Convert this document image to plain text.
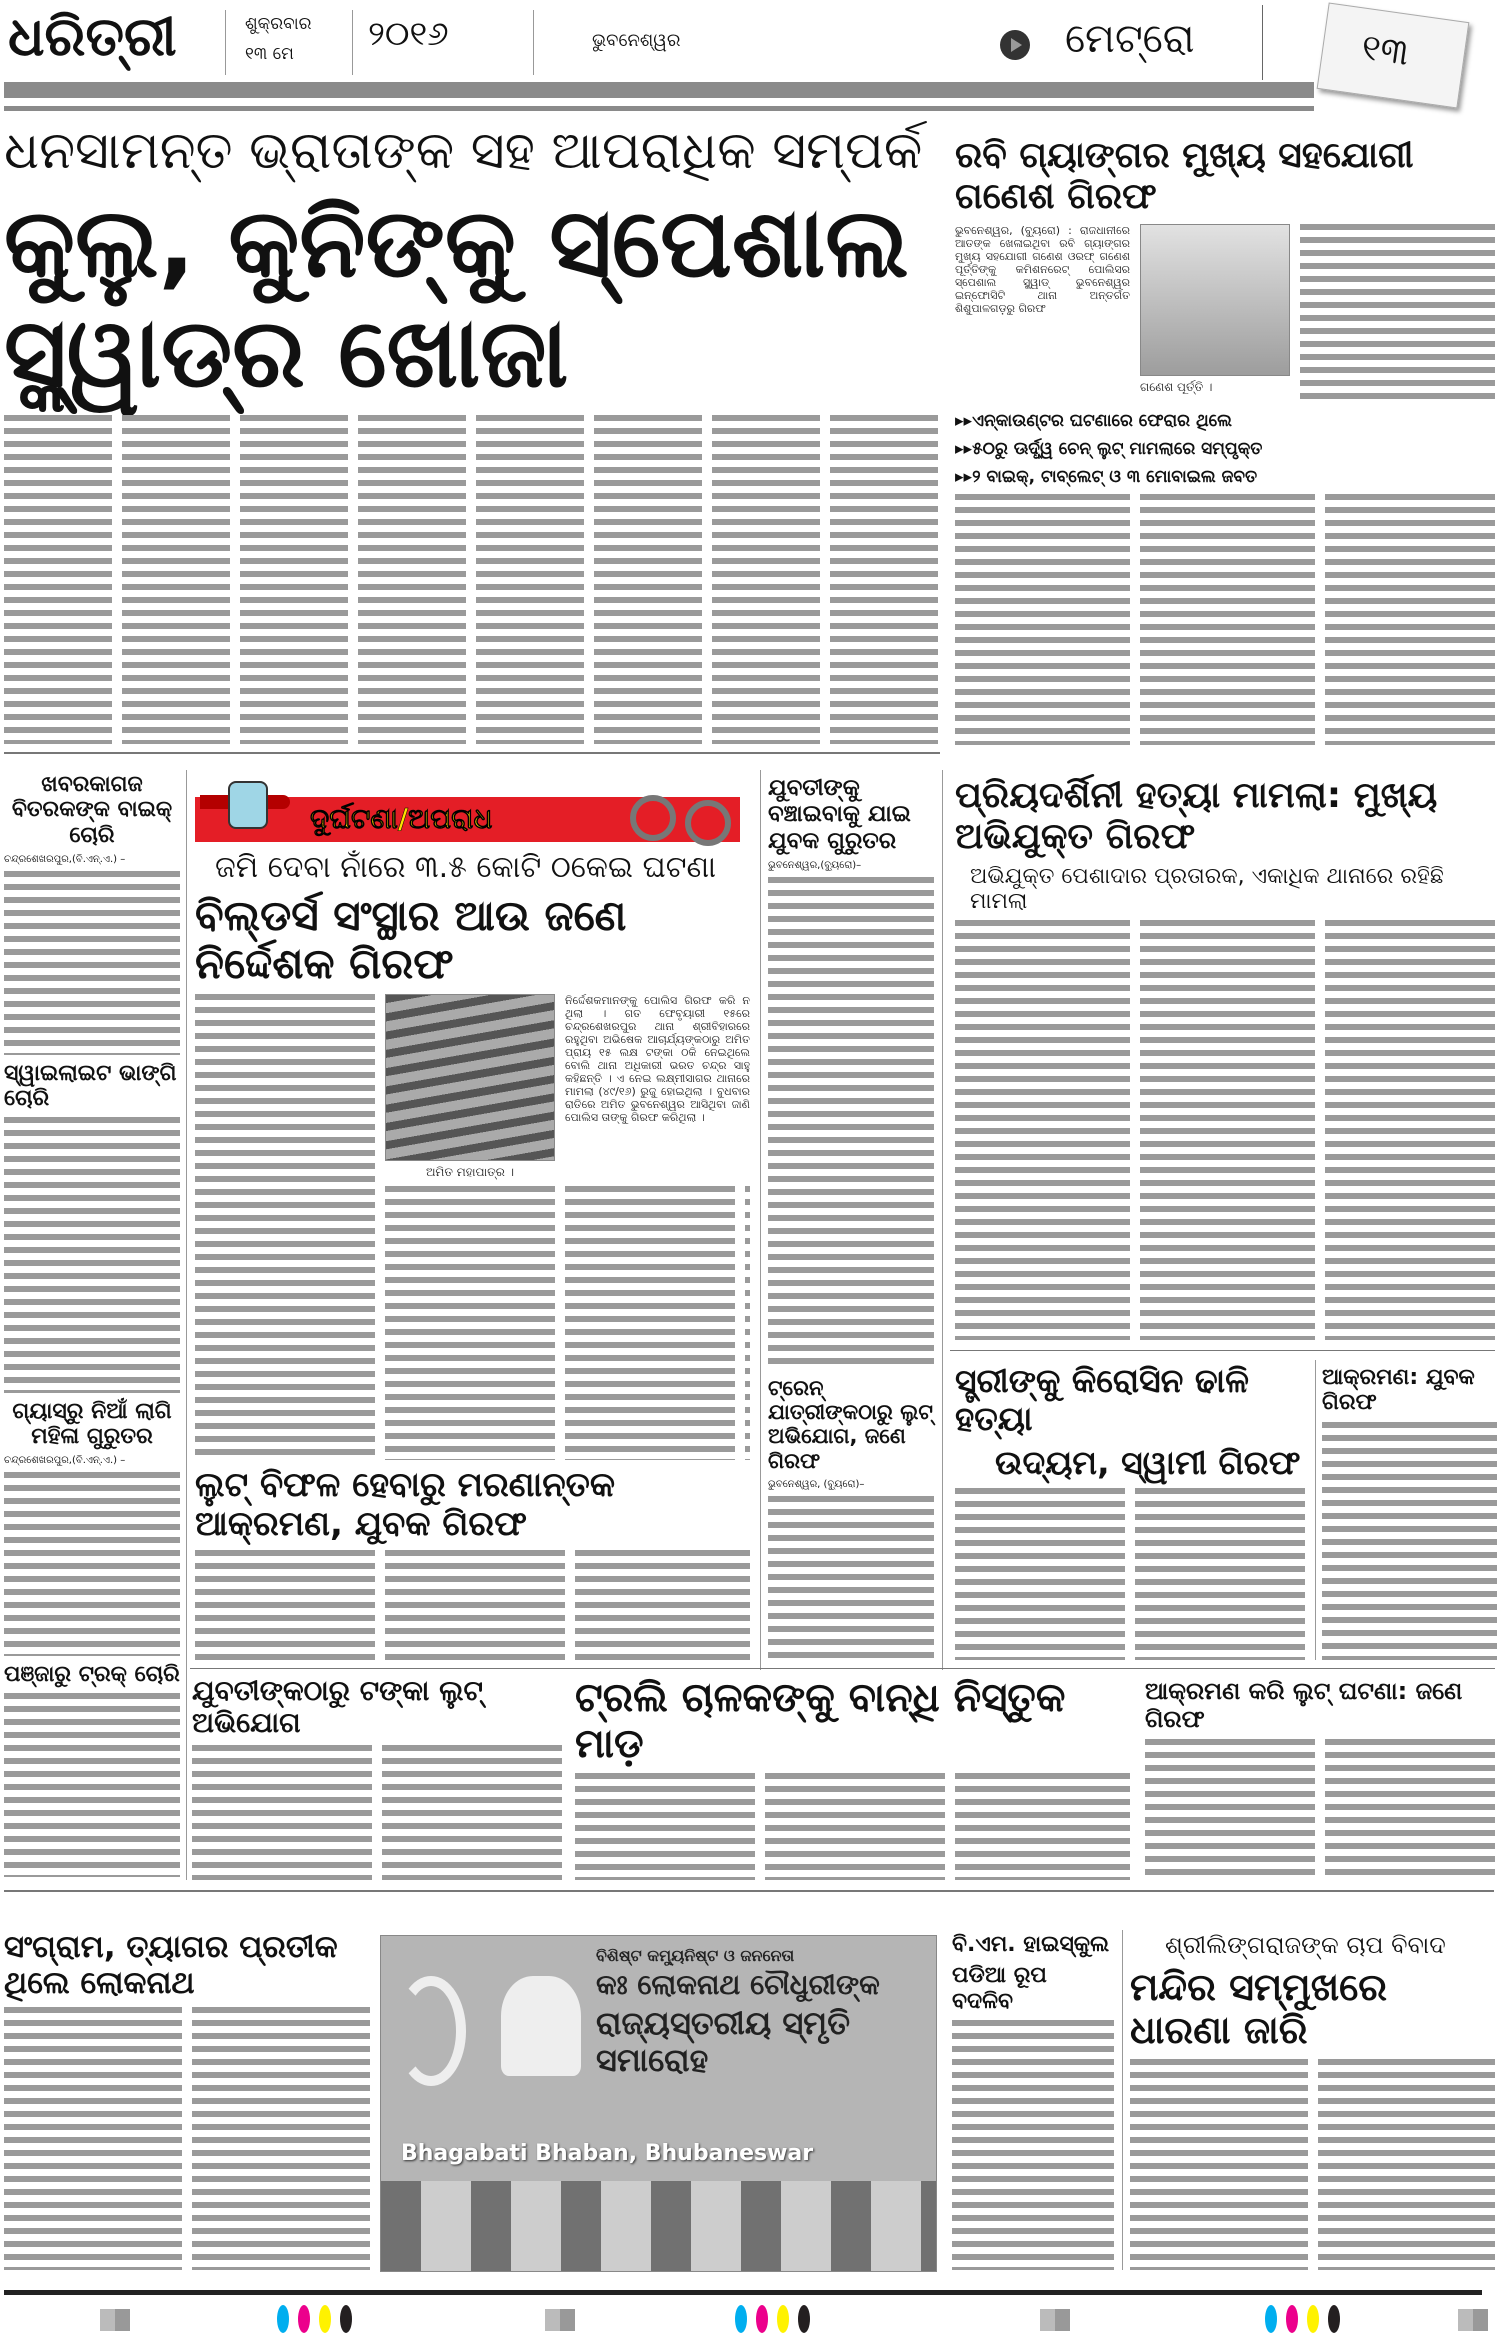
ଧରିତ୍ରୀ	ଶୁକ୍ରବାର
୧୩ ମେ ୨୦୧୬	ଭୁବନେଶ୍ୱର	ମେଟ୍ରୋ	୧୩
ଧନସାମନ୍ତ ଭ୍ରାତାଙ୍କ ସହ ଆପରାଧିକ ସମ୍ପର୍କ
କୁଲୁ, କୁନିଙ୍କୁ ସ୍ପେଶାଲ ସ୍କ୍ୱାଡ୍‌ର ଖୋଜା
ରବି ଗ୍ୟାଙ୍ଗର ମୁଖ୍ୟ ସହଯୋଗୀ ଗଣେଶ ଗିରଫ
ଭୁବନେଶ୍ୱର, (ବ୍ୟୁରୋ) : ରାଜଧାନୀରେ ଆତଙ୍କ ଖେଳାଇଥିବା ରବି ଗ୍ୟାଙ୍ଗର ମୁଖ୍ୟ ସହଯୋଗୀ ଗଣେଶ ଓରଫ୍ ଗଣେଶ ପୂର୍ତ୍ତିଙ୍କୁ କମିଶନରେଟ୍ ପୋଲିସର ସ୍ପେଶାଲ ସ୍କ୍ୱାଡ୍ ଭୁବନେଶ୍ୱର ଇନ୍‌ଫୋସିଟି ଥାନା ଅନ୍ତର୍ଗତ ଶିଶୁପାଳଗଡ଼ରୁ ଗିରଫ
ଗଣେଶ ପୂର୍ତ୍ତି ।
▸▸ଏନ୍‌କାଉଣ୍ଟର ଘଟଣାରେ ଫେରାର ଥିଲେ
▸▸୫୦ରୁ ଊର୍ଦ୍ଧ୍ୱ ଚେନ୍ ଲୁଟ୍ ମାମଲାରେ ସମ୍ପୃକ୍ତ
▸▸୨ ବାଇକ୍, ଟାବ୍‌ଲେଟ୍ ଓ ୩ ମୋବାଇଲ ଜବତ
ଖବରକାଗଜ ବିତରକଙ୍କ ବାଇକ୍ ଚୋରି
ଚନ୍ଦ୍ରଶେଖରପୁର,(ବି.ଏନ୍.ଏ.) –
ସ୍ୱାଇଲାଇଟ ଭାଙ୍ଗି ଚୋରି
ଗ୍ୟାସ୍‌ରୁ ନିଆଁ ଲାଗି ମହିଳା ଗୁରୁତର
ଚନ୍ଦ୍ରଶେଖରପୁର,(ବି.ଏନ୍.ଏ.) –
ପଞ୍ଜାରୁ ଟ୍ରକ୍ ଚୋରି
ଦୁର୍ଘଟଣା/ଅପରାଧ
ଜମି ଦେବା ନାଁରେ ୩.୫ କୋଟି ଠକେଇ ଘଟଣା
ବିଲ୍ଡର୍ସ ସଂସ୍ଥାର ଆଉ ଜଣେ ନିର୍ଦ୍ଦେଶକ ଗିରଫ
ଅମିତ ମହାପାତ୍ର ।
ନିର୍ଦ୍ଦେଶକମାନଙ୍କୁ ପୋଲିସ ଗିରଫ କରି ନ ଥିଲା । ଗତ ଫେବୃୟାରୀ ୧୫ରେ ଚନ୍ଦ୍ରଶେଖରପୁର ଥାନା ଶ୍ରୀବିହାରରେ ରହୁଥିବା ଅଭିଷେକ ଆଚାର୍ଯ୍ୟଙ୍କଠାରୁ ଅମିତ ପ୍ରାୟ ୧୫ ଲକ୍ଷ ଟଙ୍କା ଠକି ନେଇଥିଲେ ବୋଲି ଥାନା ଅଧିକାରୀ ଭରତ ଚନ୍ଦ୍ର ସାହୁ କହିଛନ୍ତି । ଏ ନେଇ ଲକ୍ଷ୍ମୀସାଗର ଥାନାରେ ମାମଲା (୪୯/୧୬) ରୁଜୁ ହୋଇଥିଲା । ବୁଧବାର ରାତିରେ ଅମିତ ଭୁବନେଶ୍ୱର ଆସିଥିବା ଜାଣି ପୋଲିସ ତାଙ୍କୁ ଗିରଫ କରିଥିଲା ।
ଲୁଟ୍ ବିଫଳ ହେବାରୁ ମରଣାନ୍ତକ ଆକ୍ରମଣ, ଯୁବକ ଗିରଫ
ଯୁବତୀଙ୍କୁ ବଞ୍ଚାଇବାକୁ ଯାଇ ଯୁବକ ଗୁରୁତର
ଭୁବନେଶ୍ୱର,(ବ୍ୟୁରୋ)–
ଟ୍ରେନ୍ ଯାତ୍ରୀଙ୍କଠାରୁ ଲୁଟ୍ ଅଭିଯୋଗ, ଜଣେ ଗିରଫ
ଭୁବନେଶ୍ୱର, (ବ୍ୟୁରୋ)–
ପ୍ରିୟଦର୍ଶିନୀ ହତ୍ୟା ମାମଲା: ମୁଖ୍ୟ ଅଭିଯୁକ୍ତ ଗିରଫ
ଅଭିଯୁକ୍ତ ପେଶାଦାର ପ୍ରତାରକ, ଏକାଧିକ ଥାନାରେ ରହିଛି ମାମଲା
ସ୍ତ୍ରୀଙ୍କୁ କିରୋସିନ ଢାଳି ହତ୍ୟା
ଉଦ୍ୟମ, ସ୍ୱାମୀ ଗିରଫ
ଆକ୍ରମଣ: ଯୁବକ ଗିରଫ
ଯୁବତୀଙ୍କଠାରୁ ଟଙ୍କା ଲୁଟ୍ ଅଭିଯୋଗ
ଟ୍ରଲି ଚାଳକଙ୍କୁ ବାନ୍ଧି ନିସ୍ତୁକ ମାଡ଼
ଆକ୍ରମଣ କରି ଲୁଟ୍ ଘଟଣା: ଜଣେ ଗିରଫ
ସଂଗ୍ରାମ, ତ୍ୟାଗର ପ୍ରତୀକ ଥିଲେ ଲୋକନାଥ
ବିଶିଷ୍ଟ କମ୍ୟୁନିଷ୍ଟ ଓ ଜନନେତା
କଃ ଲୋକନାଥ ଚୌଧୁରୀଙ୍କ
ରାଜ୍ୟସ୍ତରୀୟ ସ୍ମୃତି ସମାରୋହ
Bhagabati Bhaban, Bhubaneswar
ବି.ଏମ. ହାଇସ୍କୁଲ
ପଡିଆ ରୂପ ବଦଳିବ
ଶ୍ରୀଲିଙ୍ଗରାଜଙ୍କ ଚାପ ବିବାଦ
ମନ୍ଦିର ସମ୍ମୁଖରେ ଧାରଣା ଜାରି
